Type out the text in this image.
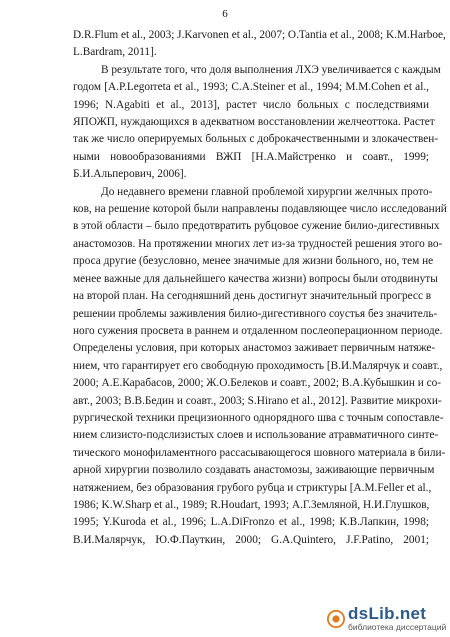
6

D.R.Flum et al., 2003; J.Karvonen et al., 2007; O.Tantia et al., 2008; K.M.Harboe,
L.Bardram, 2011].

В результате того, что доля выполнения ЛХЭ увеличивается с каждым
годом [A.P.Legorreta et al., 1993; C.A.Steiner et al., 1994; M.M.Cohen et al.,
1996; N.Agabiti et al., 2013], растет число больных с последствиями
ЯПОЖП, нуждающихся в адекватном восстановлении желчеоттока. Растет
так же число оперируемых больных с доброкачественными и злокачествен-
ными новообразованиями ВЖП [Н.А.Майстренко и соавт., 1999;
Б.И.Альперович, 2006].

До недавнего времени главной проблемой хирургии желчных прото-
ков, на решение которой были направлены подавляющее число исследований
в этой области – было предотвратить рубцовое сужение билио-дигестивных
анастомозов. На протяжении многих лет из-за трудностей решения этого во-
проса другие (безусловно, менее значимые для жизни больного, но, тем не
менее важные для дальнейшего качества жизни) вопросы были отодвинуты
на второй план. На сегодняшний день достигнут значительный прогресс в
решении проблемы заживления билио-дигестивного соустья без значитель-
ного сужения просвета в раннем и отдаленном послеоперационном периоде.
Определены условия, при которых анастомоз заживает первичным натяже-
нием, что гарантирует его свободную проходимость [В.И.Малярчук и соавт.,
2000; А.Е.Карабасов, 2000; Ж.О.Белеков и соавт., 2002; В.А.Кубышкин и со-
авт., 2003; В.В.Бедин и соавт., 2003; S.Hirano et al., 2012]. Развитие микрохи-
рургической техники прецизионного однорядного шва с точным сопоставле-
нием слизисто-подслизистых слоев и использование атравматичного синте-
тического монофиламентного рассасывающегося шовного материала в били-
арной хирургии позволило создавать анастомозы, заживающие первичным
натяжением, без образования грубого рубца и стриктуры [A.M.Feller et al.,
1986; K.W.Sharp et al., 1989; R.Houdart, 1993; А.Г.Земляной, Н.И.Глушков,
1995; Y.Kuroda et al., 1996; L.A.DiFronzo et al., 1998; К.В.Лапкин, 1998;
В.И.Малярчук, Ю.Ф.Пауткин, 2000; G.A.Quintero, J.F.Patino, 2001;

dsLib.net
библиотека диссертаций
